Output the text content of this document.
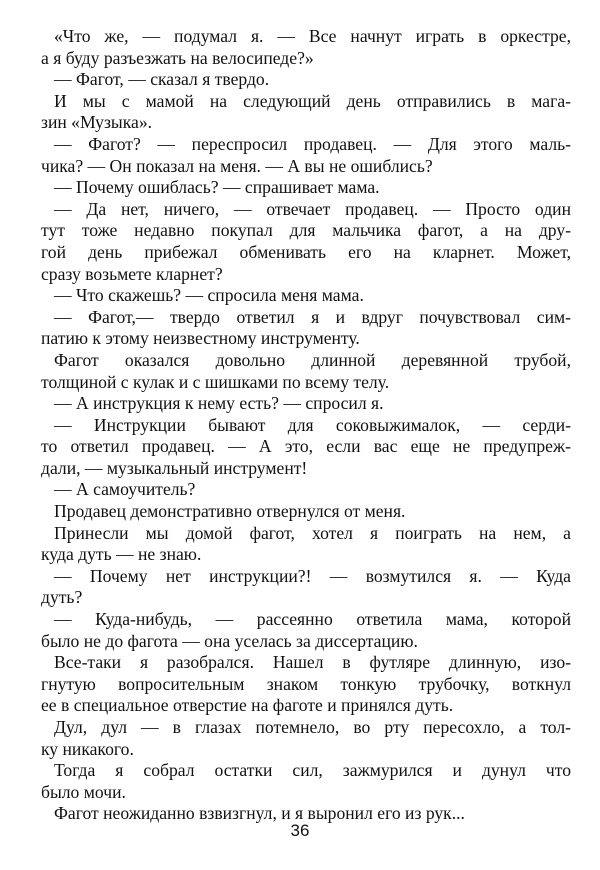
«Что же, — подумал я. — Все начнут играть в оркестре,
а я буду разъезжать на велосипеде?»
— Фагот, — сказал я твердо.
И мы с мамой на следующий день отправились в мага-
зин «Музыка».
— Фагот? — переспросил продавец. — Для этого маль-
чика? — Он показал на меня. — А вы не ошиблись?
— Почему ошиблась? — спрашивает мама.
— Да нет, ничего, — отвечает продавец. — Просто один
тут тоже недавно покупал для мальчика фагот, а на дру-
гой день прибежал обменивать его на кларнет. Может,
сразу возьмете кларнет?
— Что скажешь? — спросила меня мама.
— Фагот,— твердо ответил я и вдруг почувствовал сим-
патию к этому неизвестному инструменту.
Фагот оказался довольно длинной деревянной трубой,
толщиной с кулак и с шишками по всему телу.
— А инструкция к нему есть? — спросил я.
— Инструкции бывают для соковыжималок, — серди-
то ответил продавец. — А это, если вас еще не предупреж-
дали, — музыкальный инструмент!
— А самоучитель?
Продавец демонстративно отвернулся от меня.
Принесли мы домой фагот, хотел я поиграть на нем, а
куда дуть — не знаю.
— Почему нет инструкции?! — возмутился я. — Куда
дуть?
— Куда-нибудь, — рассеянно ответила мама, которой
было не до фагота — она уселась за диссертацию.
Все-таки я разобрался. Нашел в футляре длинную, изо-
гнутую вопросительным знаком тонкую трубочку, воткнул
ее в специальное отверстие на фаготе и принялся дуть.
Дул, дул — в глазах потемнело, во рту пересохло, а тол-
ку никакого.
Тогда я собрал остатки сил, зажмурился и дунул что
было мочи.
Фагот неожиданно взвизгнул, и я выронил его из рук...
36
